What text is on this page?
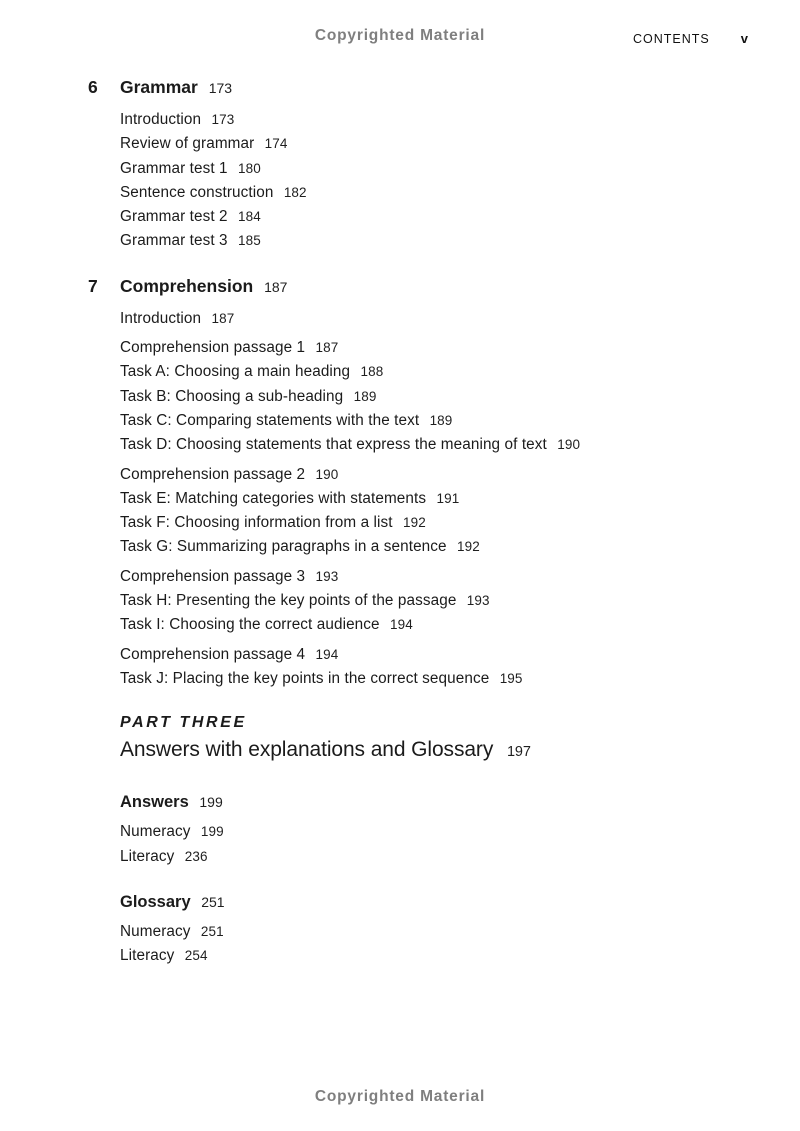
Copyrighted Material	CONTENTS v
6 Grammar 173
Introduction 173
Review of grammar 174
Grammar test 1 180
Sentence construction 182
Grammar test 2 184
Grammar test 3 185
7 Comprehension 187
Introduction 187
Comprehension passage 1 187
Task A: Choosing a main heading 188
Task B: Choosing a sub-heading 189
Task C: Comparing statements with the text 189
Task D: Choosing statements that express the meaning of text 190
Comprehension passage 2 190
Task E: Matching categories with statements 191
Task F: Choosing information from a list 192
Task G: Summarizing paragraphs in a sentence 192
Comprehension passage 3 193
Task H: Presenting the key points of the passage 193
Task I: Choosing the correct audience 194
Comprehension passage 4 194
Task J: Placing the key points in the correct sequence 195
PART THREE
Answers with explanations and Glossary 197
Answers 199
Numeracy 199
Literacy 236
Glossary 251
Numeracy 251
Literacy 254
Copyrighted Material
